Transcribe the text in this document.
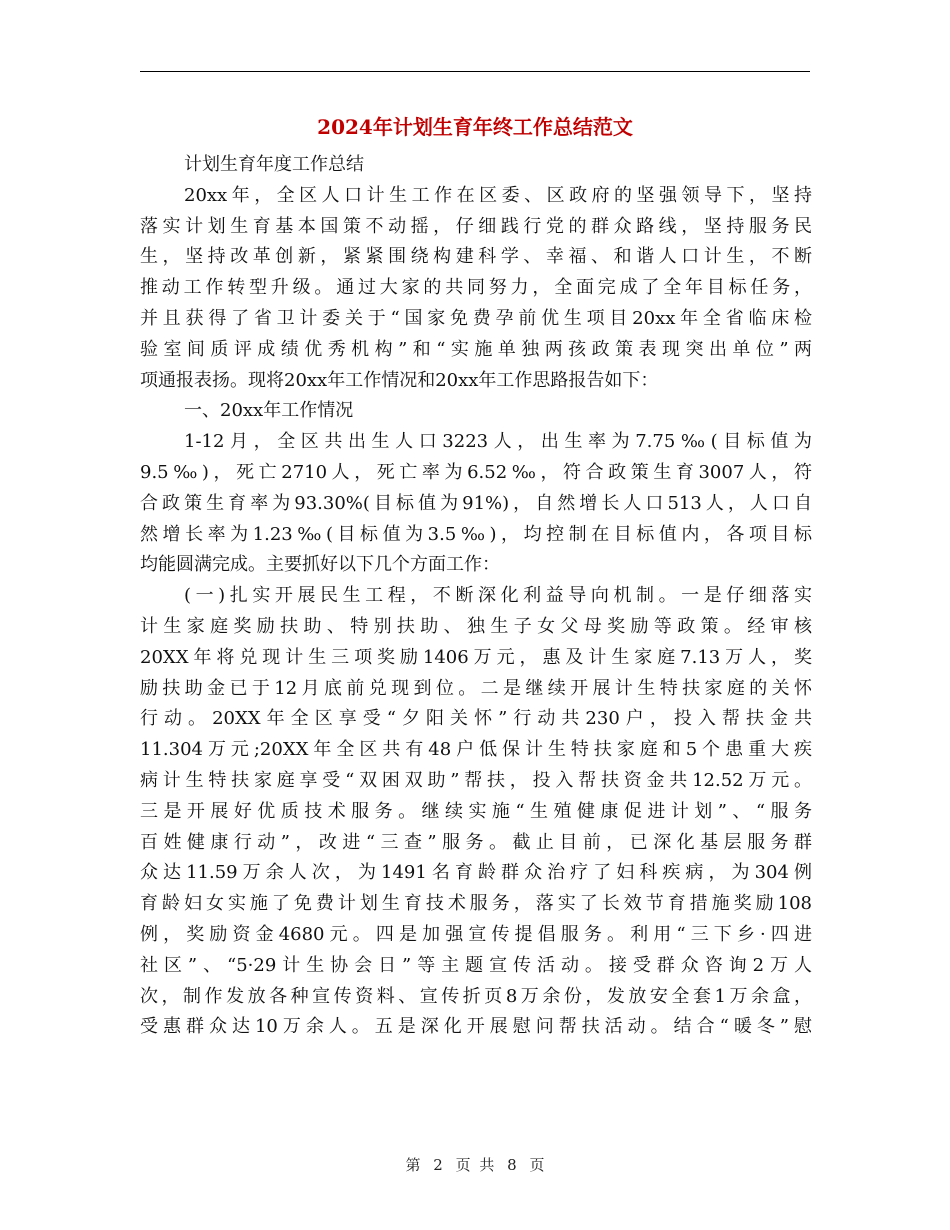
2024年计划生育年终工作总结范文
计划生育年度工作总结
20xx年，全区人口计生工作在区委、区政府的坚强领导下，坚持
落实计划生育基本国策不动摇，仔细践行党的群众路线，坚持服务民
生，坚持改革创新，紧紧围绕构建科学、幸福、和谐人口计生，不断
推动工作转型升级。通过大家的共同努力，全面完成了全年目标任务，
并且获得了省卫计委关于“国家免费孕前优生项目20xx年全省临床检
验室间质评成绩优秀机构”和“实施单独两孩政策表现突出单位”两
项通报表扬。现将20xx年工作情况和20xx年工作思路报告如下：
一、20xx年工作情况
1-12月，全区共出生人口3223人，出生率为7.75‰(目标值为
9.5‰)，死亡2710人，死亡率为6.52‰，符合政策生育3007人，符
合政策生育率为93.30%(目标值为91%)，自然增长人口513人，人口自
然增长率为1.23‰(目标值为3.5‰)，均控制在目标值内，各项目标
均能圆满完成。主要抓好以下几个方面工作：
(一)扎实开展民生工程，不断深化利益导向机制。一是仔细落实
计生家庭奖励扶助、特别扶助、独生子女父母奖励等政策。经审核
20XX年将兑现计生三项奖励1406万元，惠及计生家庭7.13万人，奖
励扶助金已于12月底前兑现到位。二是继续开展计生特扶家庭的关怀
行动。20XX年全区享受“夕阳关怀”行动共230户，投入帮扶金共
11.304万元;20XX年全区共有48户低保计生特扶家庭和5个患重大疾
病计生特扶家庭享受“双困双助”帮扶，投入帮扶资金共12.52万元。
三是开展好优质技术服务。继续实施“生殖健康促进计划”、“服务
百姓健康行动”，改进“三查”服务。截止目前，已深化基层服务群
众达11.59万余人次，为1491名育龄群众治疗了妇科疾病，为304例
育龄妇女实施了免费计划生育技术服务，落实了长效节育措施奖励108
例，奖励资金4680元。四是加强宣传提倡服务。利用“三下乡·四进
社区”、“5·29计生协会日”等主题宣传活动。接受群众咨询2万人
次，制作发放各种宣传资料、宣传折页8万余份，发放安全套1万余盒，
受惠群众达10万余人。五是深化开展慰问帮扶活动。结合“暖冬”慰
第 2 页 共 8 页
